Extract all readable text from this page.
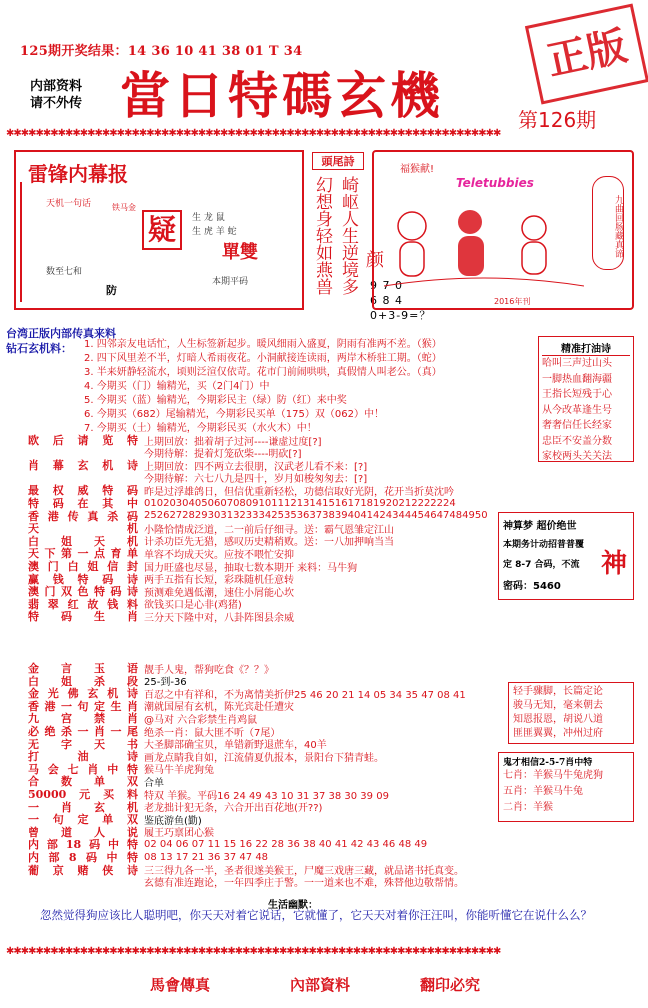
125期开奖结果：14 36 10 41 38 01 T 34
内部资料
请不外传 當日特碼玄機	第126期
正版
✱✱✱✱✱✱✱✱✱✱✱✱✱✱✱✱✱✱✱✱✱✱✱✱✱✱✱✱✱✱✱✱✱✱✱✱✱✱✱✱✱✱✱✱✱✱✱✱✱✱✱✱✱✱✱✱✱✱✱✱✱✱✱✱✱✱✱
雷锋内幕报
天机一句话	铁马金
疑	生 龙 鼠
生 虎 羊 蛇
單雙
数至七和
本期平码
防
頭尾詩
幻想身轻如燕兽 崎岖人生逆境多 颜
9 7 0
6 8 4
0+3-9=？
福猴献!
Teletubbies
2016年刊
九曲回肠藏真谛
台湾正版内部传真来料
钻石玄机料： 1. 四邻亲友电话忙，人生标签新起步。暖风细雨入盛夏，阴雨有准两不差。（猴）
2. 四下风里差不半，灯暗人希雨夜花。小洞献接连读雨，两岸木桥驻工期。（蛇）
3. 半来妍静轻流水，顷则泛渲仅依苛。花市门前闹哄哄，真假情人叫老公。（真）
4. 今期买（门）输精光，买（2门4门）中
5. 今期买（蓝）输精光，今期彩民主（绿）防（红）来中奖
6. 今期买（682）尾输精光，今期彩民买单（175）双（062）中！
7. 今期买（土）输精光，今期彩民买（水火木）中！
精准打油诗
哈叫三声过山头
一脚热血翻海疆
王指长短残于心
从今改革逢生号
奢奢信任长经家
忠臣不安盖分数
家校两头关关法
欧后请览特 上期回放：拙着胡子过河----谦虚过度[?]
今期待解：提着灯笼砍柴----明砍[?]
肖幕玄机诗 上期回放：四不两立去很朋，汉武老儿看不来：[?]
今期待解：六七八九是四十，岁月如梭匆匆去：[?]
最权威特码 昨是过浮雄鸽日，但信优重新轻松，功德信取好光阴，花开当折莫沈吟
特码在其中 0102030405060708091011121314151617181920212222224
香港传真杀码 252627282930313233342535363738394041424344454647484950
天机 小隆恰情成泛道，二一前后仔细寻。送：霸气恩雏定江山
白姐天机 计杀功臣先无猎，感叹历史精稍败。送：一八加押响当当
天下第一点育单 单容不均成天灾。应按不喂忙安抑
澳门白姐信封 国力旺盛也尽显，抽取七数本期开 来料：马牛狗
赢钱特码诗 两手五指有长短，彩珠随机任意转
澳门双色特码诗 预测难免遇低潮，速住小屑能心坎
翡翠红故钱料 欲钱买口是心非(鸡猪)
特码生肖 三分天下隆中对，八卦阵图县余威
神算梦 超价绝世
本期务计动招普普覆
定 8-7 合码，不流
密码：5460
神
金言玉语 靓手人鬼，帮狗吃食《？？》
白姐杀段 25-到-36
金光佛玄机诗 百忍之中有祥和，不为离情美折伊25 46 20 21 14 05 34 35 47 08 41
香港一句定生肖 潮就国屋有玄机，陈光宾赴任遭灾
九宫禁肖 @马对 六合彩禁生肖鸡鼠
必绝杀一肖一尾 绝杀一肖：鼠大匪不听（7尾）
无字天书 大圣脚部确宝贝，单错新野退蔗车，40羊
打油诗 画龙点睛我自如，江流倩夏仇报本，景阳台下猜青蛙。
马会七肖中特 猴马牛羊虎狗兔
合数单双 合单
50000元买料 特双 羊猴。平码16 24 49 43 10 31 37 38 30 39 09
一肖玄机 老龙拙计犯无条，六合开出百花地(开??)
一句定单双 鉴底游鱼(勤)
曾道人说 履王巧禀团心猴
内部18码中特 02 04 06 07 11 15 16 22 28 36 38 40 41 42 43 46 48 49
内部8码中特 08 13 17 21 36 37 47 48
葡京赌侠诗 三三得九各一半，圣者很遂美猴王，尸魔三戏唐三藏，就品诸书托真变。
玄德有准连跑论，一年四季庄于警。一一道来也不难，殊替他边敬帮情。
轻手骤脚，长篇定论
骏马无知，毫来朝去
知恩报恩，胡说八道
匪匪翼翼，冲州过府
鬼才相信2-5-7肖中特
七肖：羊猴马牛兔虎狗
五肖：羊猴马牛兔
二肖：羊猴
生活幽默：
忽然觉得狗应该比人聪明吧，你天天对着它说话，它就懂了，它天天对着你汪汪叫，你能听懂它在说什么么？
✱✱✱✱✱✱✱✱✱✱✱✱✱✱✱✱✱✱✱✱✱✱✱✱✱✱✱✱✱✱✱✱✱✱✱✱✱✱✱✱✱✱✱✱✱✱✱✱✱✱✱✱✱✱✱✱✱✱✱✱✱✱✱✱✱✱✱
馬會傳真	內部資料	翻印必究
